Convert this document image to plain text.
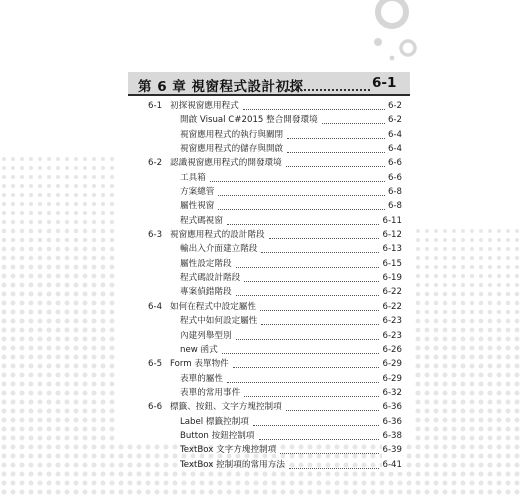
第 6 章 視窗程式設計初探	6-1
6-1 初探視窗應用程式	6-2
開啟 Visual C#2015 整合開發環境	6-2
視窗應用程式的執行與關閉	6-4
視窗應用程式的儲存與開啟	6-4
6-2 認識視窗應用程式的開發環境	6-6
工具箱	6-6
方案總管	6-8
屬性視窗	6-8
程式碼視窗	6-11
6-3 視窗應用程式的設計階段	6-12
輸出入介面建立階段	6-13
屬性設定階段	6-15
程式碼設計階段	6-19
專案偵錯階段	6-22
6-4 如何在程式中設定屬性	6-22
程式中如何設定屬性	6-23
內建列舉型別	6-23
new 函式	6-26
6-5 Form 表單物件	6-29
表單的屬性	6-29
表單的常用事件	6-32
6-6 標籤、按鈕、文字方塊控制項	6-36
Label 標籤控制項	6-36
Button 按鈕控制項	6-38
TextBox 文字方塊控制項	6-39
TextBox 控制項的常用方法	6-41
